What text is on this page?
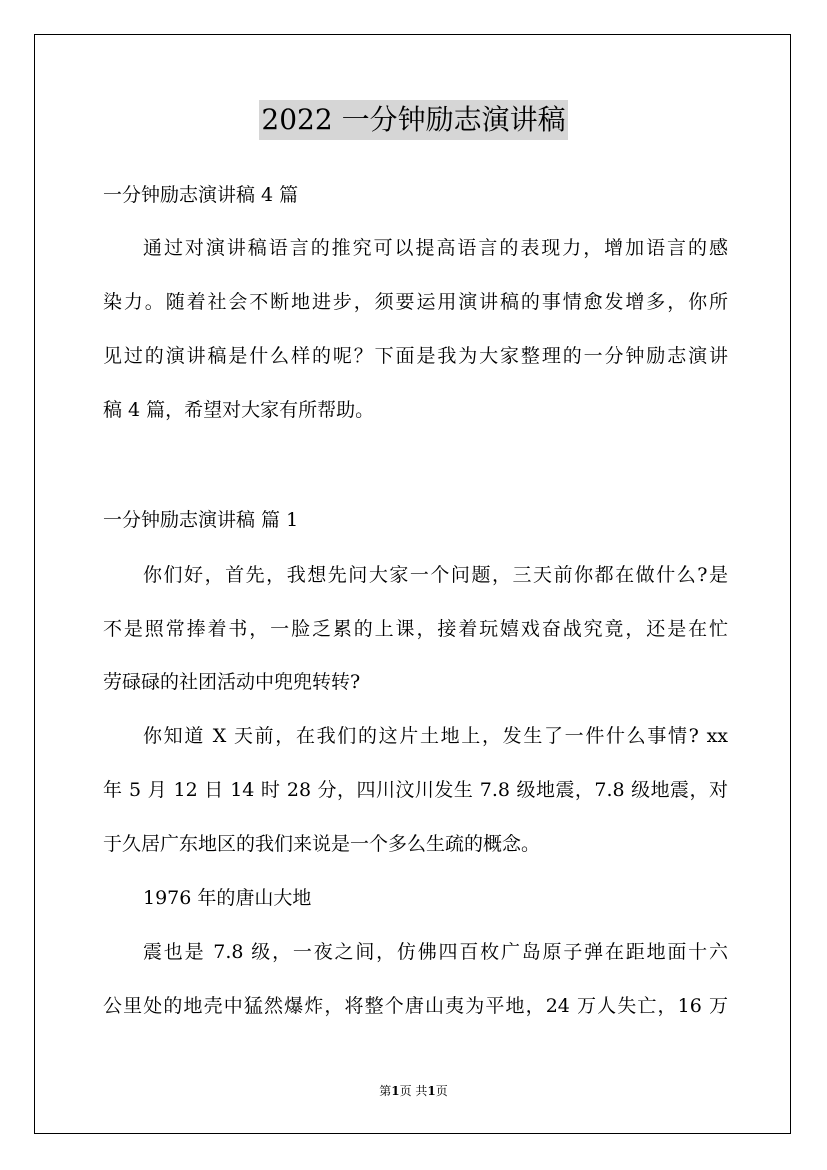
2022 一分钟励志演讲稿
一分钟励志演讲稿 4 篇
通过对演讲稿语言的推究可以提高语言的表现力，增加语言的感
染力。随着社会不断地进步，须要运用演讲稿的事情愈发增多，你所
见过的演讲稿是什么样的呢？下面是我为大家整理的一分钟励志演讲
稿 4 篇，希望对大家有所帮助。
一分钟励志演讲稿 篇 1
你们好，首先，我想先问大家一个问题，三天前你都在做什么?是
不是照常捧着书，一脸乏累的上课，接着玩嬉戏奋战究竟，还是在忙
劳碌碌的社团活动中兜兜转转?
你知道 X 天前，在我们的这片土地上，发生了一件什么事情? xx
年 5 月 12 日 14 时 28 分，四川汶川发生 7.8 级地震，7.8 级地震，对
于久居广东地区的我们来说是一个多么生疏的概念。
1976 年的唐山大地
震也是 7.8 级，一夜之间，仿佛四百枚广岛原子弹在距地面十六
公里处的地壳中猛然爆炸，将整个唐山夷为平地，24 万人失亡，16 万
第1页 共1页
